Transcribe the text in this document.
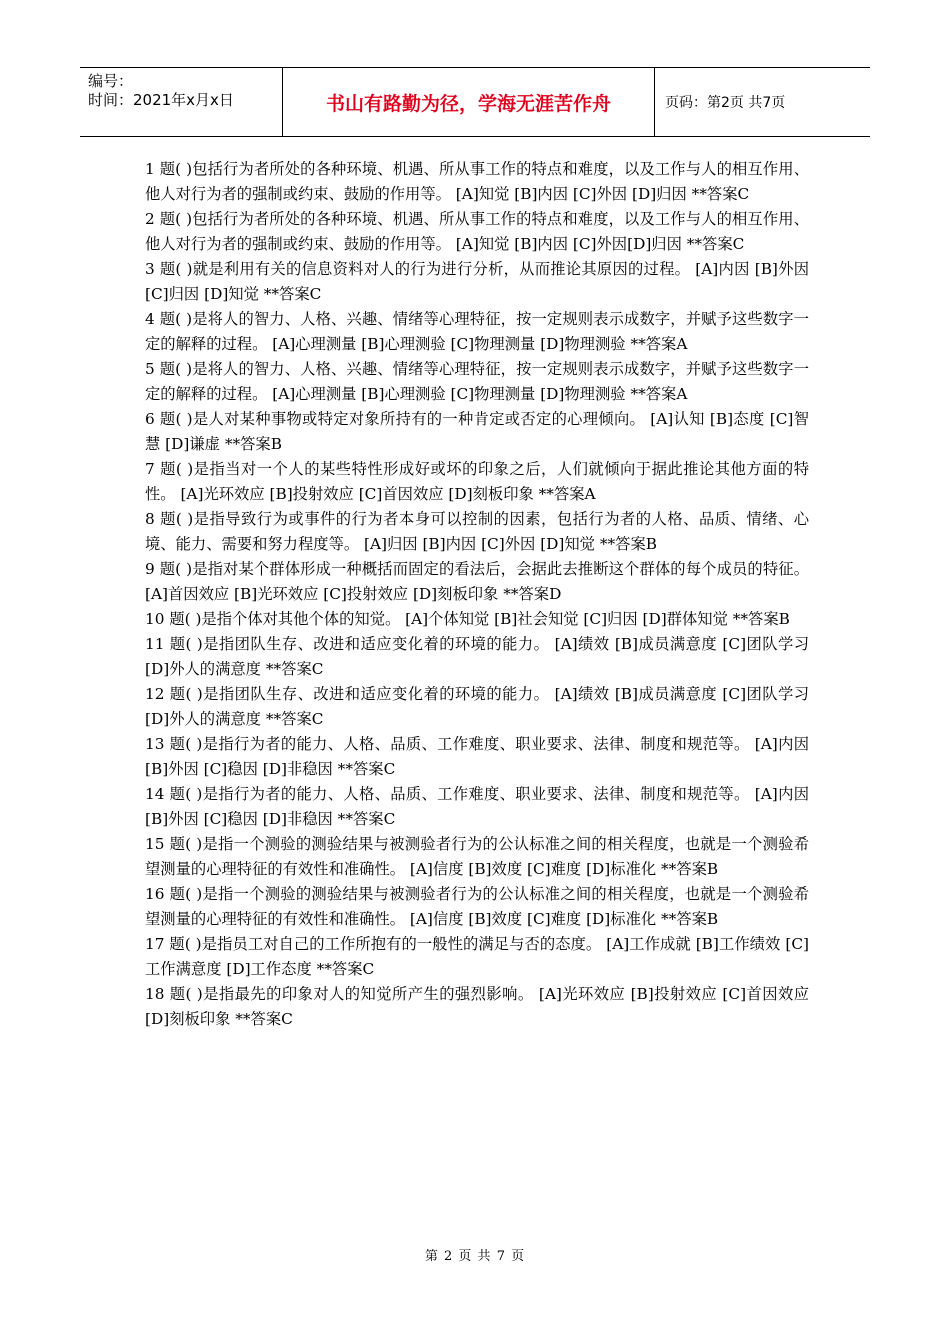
编号：
时间：2021年x月x日	书山有路勤为径，学海无涯苦作舟	页码：第2页 共7页

1 题( )包括行为者所处的各种环境、机遇、所从事工作的特点和难度，以及工作与人的相互作用、他人对行为者的强制或约束、鼓励的作用等。 [A]知觉 [B]内因 [C]外因 [D]归因 **答案C

2 题( )包括行为者所处的各种环境、机遇、所从事工作的特点和难度，以及工作与人的相互作用、他人对行为者的强制或约束、鼓励的作用等。 [A]知觉 [B]内因 [C]外因[D]归因 **答案C

3 题( )就是利用有关的信息资料对人的行为进行分析，从而推论其原因的过程。 [A]内因 [B]外因 [C]归因 [D]知觉 **答案C

4 题( )是将人的智力、人格、兴趣、情绪等心理特征，按一定规则表示成数字，并赋予这些数字一定的解释的过程。 [A]心理测量 [B]心理测验 [C]物理测量 [D]物理测验 **答案A

5 题( )是将人的智力、人格、兴趣、情绪等心理特征，按一定规则表示成数字，并赋予这些数字一定的解释的过程。 [A]心理测量 [B]心理测验 [C]物理测量 [D]物理测验 **答案A

6 题( )是人对某种事物或特定对象所持有的一种肯定或否定的心理倾向。 [A]认知 [B]态度 [C]智慧 [D]谦虚 **答案B

7 题( )是指当对一个人的某些特性形成好或坏的印象之后，人们就倾向于据此推论其他方面的特性。 [A]光环效应 [B]投射效应 [C]首因效应 [D]刻板印象 **答案A

8 题( )是指导致行为或事件的行为者本身可以控制的因素，包括行为者的人格、品质、情绪、心境、能力、需要和努力程度等。 [A]归因 [B]内因 [C]外因 [D]知觉 **答案B

9 题( )是指对某个群体形成一种概括而固定的看法后，会据此去推断这个群体的每个成员的特征。 [A]首因效应 [B]光环效应 [C]投射效应 [D]刻板印象 **答案D

10 题( )是指个体对其他个体的知觉。 [A]个体知觉 [B]社会知觉 [C]归因 [D]群体知觉 **答案B

11 题( )是指团队生存、改进和适应变化着的环境的能力。 [A]绩效 [B]成员满意度 [C]团队学习 [D]外人的满意度 **答案C

12 题( )是指团队生存、改进和适应变化着的环境的能力。 [A]绩效 [B]成员满意度 [C]团队学习 [D]外人的满意度 **答案C

13 题( )是指行为者的能力、人格、品质、工作难度、职业要求、法律、制度和规范等。 [A]内因 [B]外因 [C]稳因 [D]非稳因 **答案C

14 题( )是指行为者的能力、人格、品质、工作难度、职业要求、法律、制度和规范等。 [A]内因 [B]外因 [C]稳因 [D]非稳因 **答案C

15 题( )是指一个测验的测验结果与被测验者行为的公认标准之间的相关程度，也就是一个测验希望测量的心理特征的有效性和准确性。 [A]信度 [B]效度 [C]难度 [D]标准化 **答案B

16 题( )是指一个测验的测验结果与被测验者行为的公认标准之间的相关程度，也就是一个测验希望测量的心理特征的有效性和准确性。 [A]信度 [B]效度 [C]难度 [D]标准化 **答案B

17 题( )是指员工对自己的工作所抱有的一般性的满足与否的态度。 [A]工作成就 [B]工作绩效 [C]工作满意度 [D]工作态度 **答案C

18 题( )是指最先的印象对人的知觉所产生的强烈影响。 [A]光环效应 [B]投射效应 [C]首因效应 [D]刻板印象 **答案C

第 2 页 共 7 页
